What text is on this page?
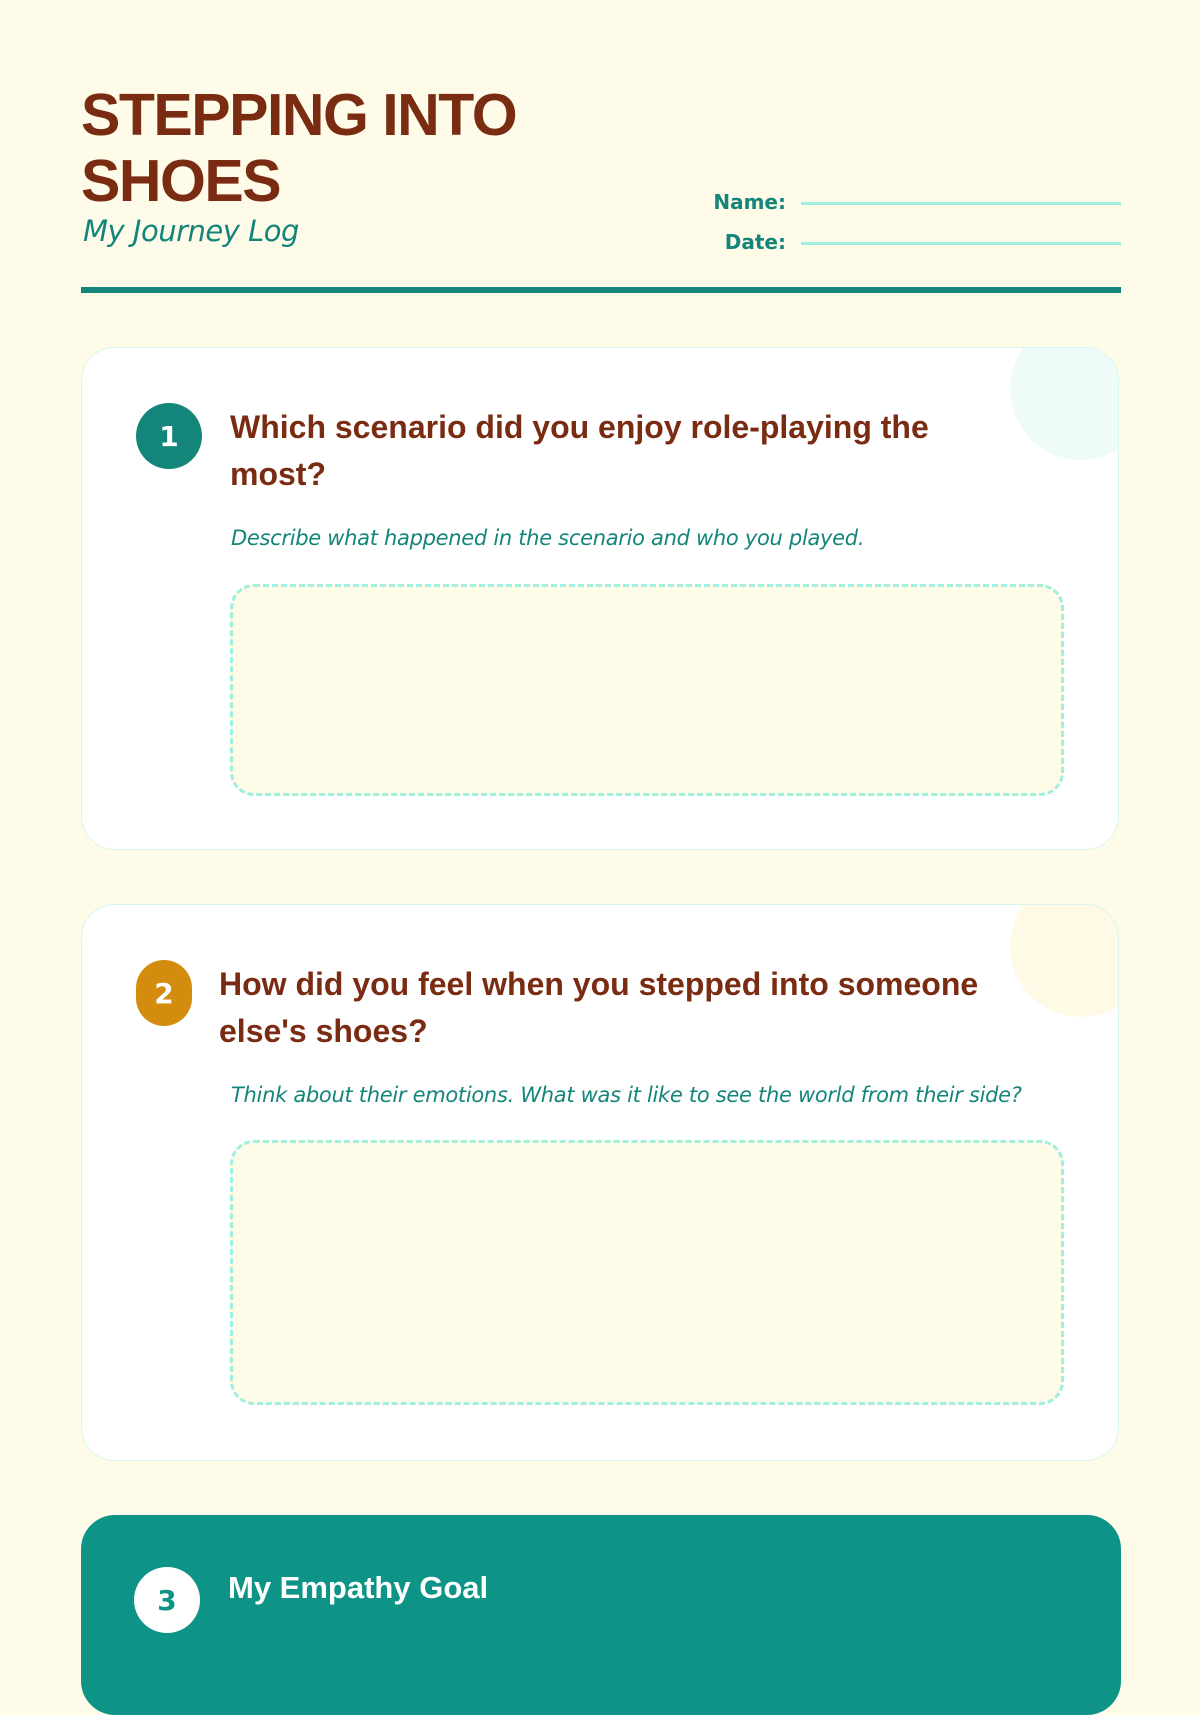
STEPPING INTO SHOES
My Journey Log
Name:
Date:
1	Which scenario did you enjoy role-playing the most?
Describe what happened in the scenario and who you played.
2	How did you feel when you stepped into someone else's shoes?
Think about their emotions. What was it like to see the world from their side?
3	My Empathy Goal
